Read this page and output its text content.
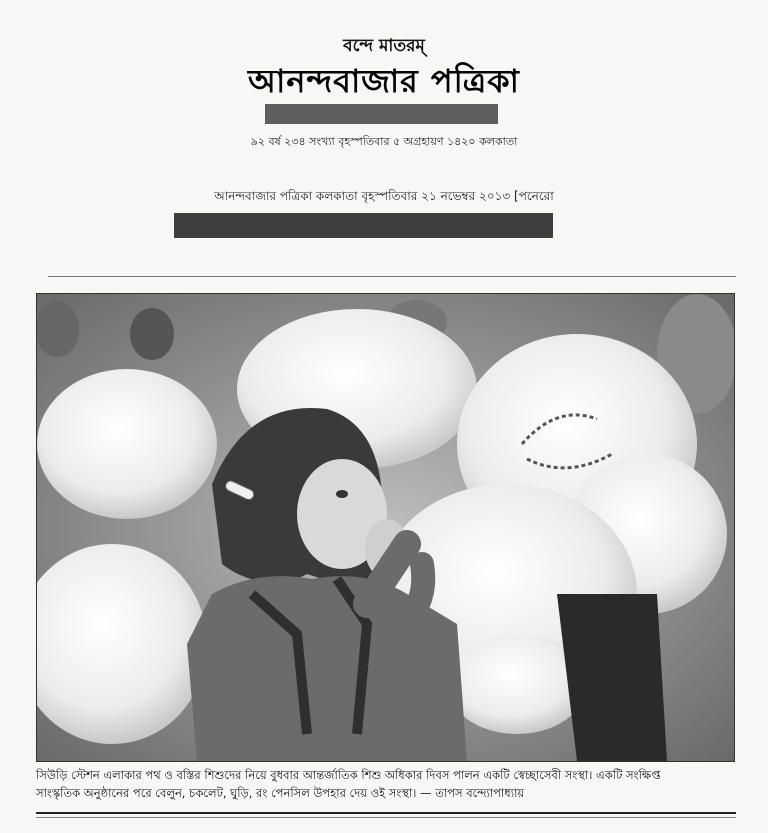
বন্দে মাতরম্
আনন্দবাজার পত্রিকা
৯২ বর্ষ ২৩৪ সংখ্যা বৃহস্পতিবার ৫ অগ্রহায়ণ ১৪২০ কলকাতা
আনন্দবাজার পত্রিকা কলকাতা বৃহস্পতিবার ২১ নভেম্বর ২০১৩ [পনেরো
সিউড়ি স্টেশন এলাকার পথ ও বস্তির শিশুদের নিয়ে বুধবার আন্তর্জাতিক শিশু অধিকার দিবস পালন একটি স্বেচ্ছাসেবী সংস্থা। একটি সংক্ষিপ্ত
সাংস্কৃতিক অনুষ্ঠানের পরে বেলুন, চকলেট, ঘুড়ি, রং পেনসিল উপহার দেয় ওই সংস্থা। — তাপস বন্দ্যোপাধ্যায়
